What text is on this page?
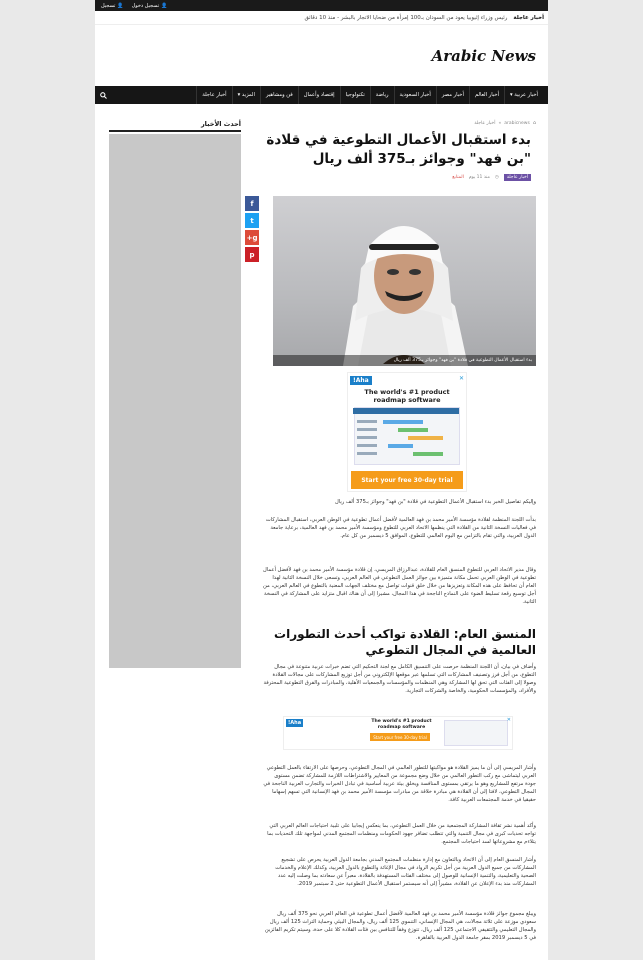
👤
تسجيل دخول
👤
تسجيل
أخبار عاجلة
رئيس وزراء إثيوبيا يعود من السودان بـ100 إمرأة من ضحايا الاتجار بالبشر - منذ 10 دقائق
Arabic News
أخبار عربية

▾
أخبار العالم
أخبار مصر
أخبار السعودية
رياضة
تكنولوجيا
إقتصاد وأعمال
فن ومشاهير
المزيد

▾
أخبار عاجلة
أحدث الأخبار	⌂
arabicnews
»
أخبار عاجلة
بدء استقبال الأعمال التطوعية في قلادة "بن فهد" وجوائز بـ375 ألف ريال
أخبار عاجلة
◷
منذ 11 يوم
المتابع
f
t
g+
p
بدء استقبال الأعمال التطوعية في قلادة "بن فهد" وجوائز بـ375 ألف ريال
Aha!	✕
The world's #1 product roadmap software
Start your free 30-day trial

وإليكم تفاصيل الخبر بدء استقبال الأعمال التطوعية في قلادة "بن فهد" وجوائز بـ375 ألف ريال

بدأت اللجنة المنظمة لقلادة مؤسسة الأمير محمد بن فهد العالمية لأفضل أعمال تطوعية في الوطن العربي، استقبال المشاركات في فعاليات النسخة الثانية من القلادة التي ينظمها الاتحاد العربي للتطوع ومؤسسة الأمير محمد بن فهد العالمية، برعاية جامعة الدول العربية، والتي تقام بالتزامن مع اليوم العالمي للتطوع، الموافق 5 ديسمبر من كل عام.

وقال مدير الاتحاد العربي للتطوع المنسق العام للقلادة، عبدالرزاق المريسي، إن قلادة مؤسسة الأمير محمد بن فهد لأفضل أعمال تطوعية في الوطن العربي تحمل مكانة متميزة بين جوائز العمل التطوعي في العالم العربي، وتسعى خلال النسخة الثانية لهذا العام أن تحافظ على هذه المكانة وتعزيزها من خلال خلق قنوات تواصل مع مختلف الجهات المعنية بالتطوع في العالم العربي، من أجل توسيع رقعة تسليط الضوء على النماذج الناجحة في هذا المجال، مشيرا إلى أن هناك اقبال متزايد على المشاركة في النسخة الثانية.

المنسق العام: القلادة تواكب أحدث التطورات العالمية في المجال التطوعي

وأضاف في بيان، أن اللجنة المنظمة حرصت على التنسيق الكامل مع لجنة التحكيم التي تضم خبرات عربية متنوعة في مجال التطوع، من أجل فرز وتصنيف المشاركات التي تسلمها عبر موقعها الإلكتروني من أجل توزيع المشاركات على مجالات القلادة وصولا إلى الفئات التي تحق لها المشاركة وهي المنظمات والمؤسسات والجمعيات الأهلية، والمبادرات والفرق التطوعية المحترفة والأفراد، والمؤسسات الحكومية، والخاصة والشركات التجارية.

Aha!	The world's #1 product roadmap software
Start your free 30-day trial
✕

وأشار المريسي إلى أن ما يميز القلادة هو مواكبتها للتطور العالمي في المجال التطوعي، وحرصها على الارتقاء بالعمل التطوعي العربي ليتماشى مع ركب التطور العالمي من خلال وضع مجموعة من المعايير والاشتراطات اللازمة للمشاركة تضمن مستوى جودة مرتفع للمشاريع وهو ما يرتقي بمستوى المنافسة ويخلق بيئة عربية أساسية في تبادل الخبرات والتجارب العربية الناجحة في المجال التطوعي، لافتا إلى أن القلادة هي مبادرة خلاقة من مبادرات مؤسسة الأمير محمد بن فهد الإنسانية التي تسهم إسهاما حقيقيا في خدمة المجتمعات العربية كافة.

وأكد أهمية نشر ثقافة المشاركة المجتمعية من خلال العمل التطوعي، بما ينعكس إيجابيا على تلبية احتياجات العالم العربي التي تواجه تحديات كبرى في مجال التنمية والتي تتطلب تضافر جهود الحكومات ومنظمات المجتمع المدني لمواجهة تلك التحديات بما يتلاءم مع مشروعاتها لسد احتياجات المجتمع.

وأشار المنسق العام إلى أن الاتحاد وبالتعاون مع إدارة منظمات المجتمع المدني بجامعة الدول العربية يحرص على تشجيع المشاركات من جميع الدول العربية من أجل تكريم الرواد في مجال الإغاثة والتطوع بالدول العربية، وكذلك الإعلام والخدمات الصحية والتعليمية، والتنمية الإنسانية للوصول إلى مختلف الفئات المستهدفة بالقلادة، معبراً عن سعادته بما وصلت إليه عدد المشاركات منذ بدء الإعلان عن القلادة، مشيراً إلى أنه سيستمر استقبال الأعمال التطوعية حتى 2 سبتمبر 2019.

ويبلغ مجموع جوائز قلادة مؤسسة الأمير محمد بن فهد العالمية لأفضل أعمال تطوعية في العالم العربي نحو 375 ألف ريال سعودي موزعة على ثلاثة مجالات، هي المجال الإنساني، التنموي 125 ألف ريال، والمجال البيئي وحماية التراث 125 ألف ريال والمجال التعليمي والتثقيفي الاجتماعي 125 ألف ريال، تتوزع وفقاً للتنافس بين فئات القلادة كلا على حدة، وسيتم تكريم الفائزين في 5 ديسمبر 2019 بمقر جامعة الدول العربية بالقاهرة.
